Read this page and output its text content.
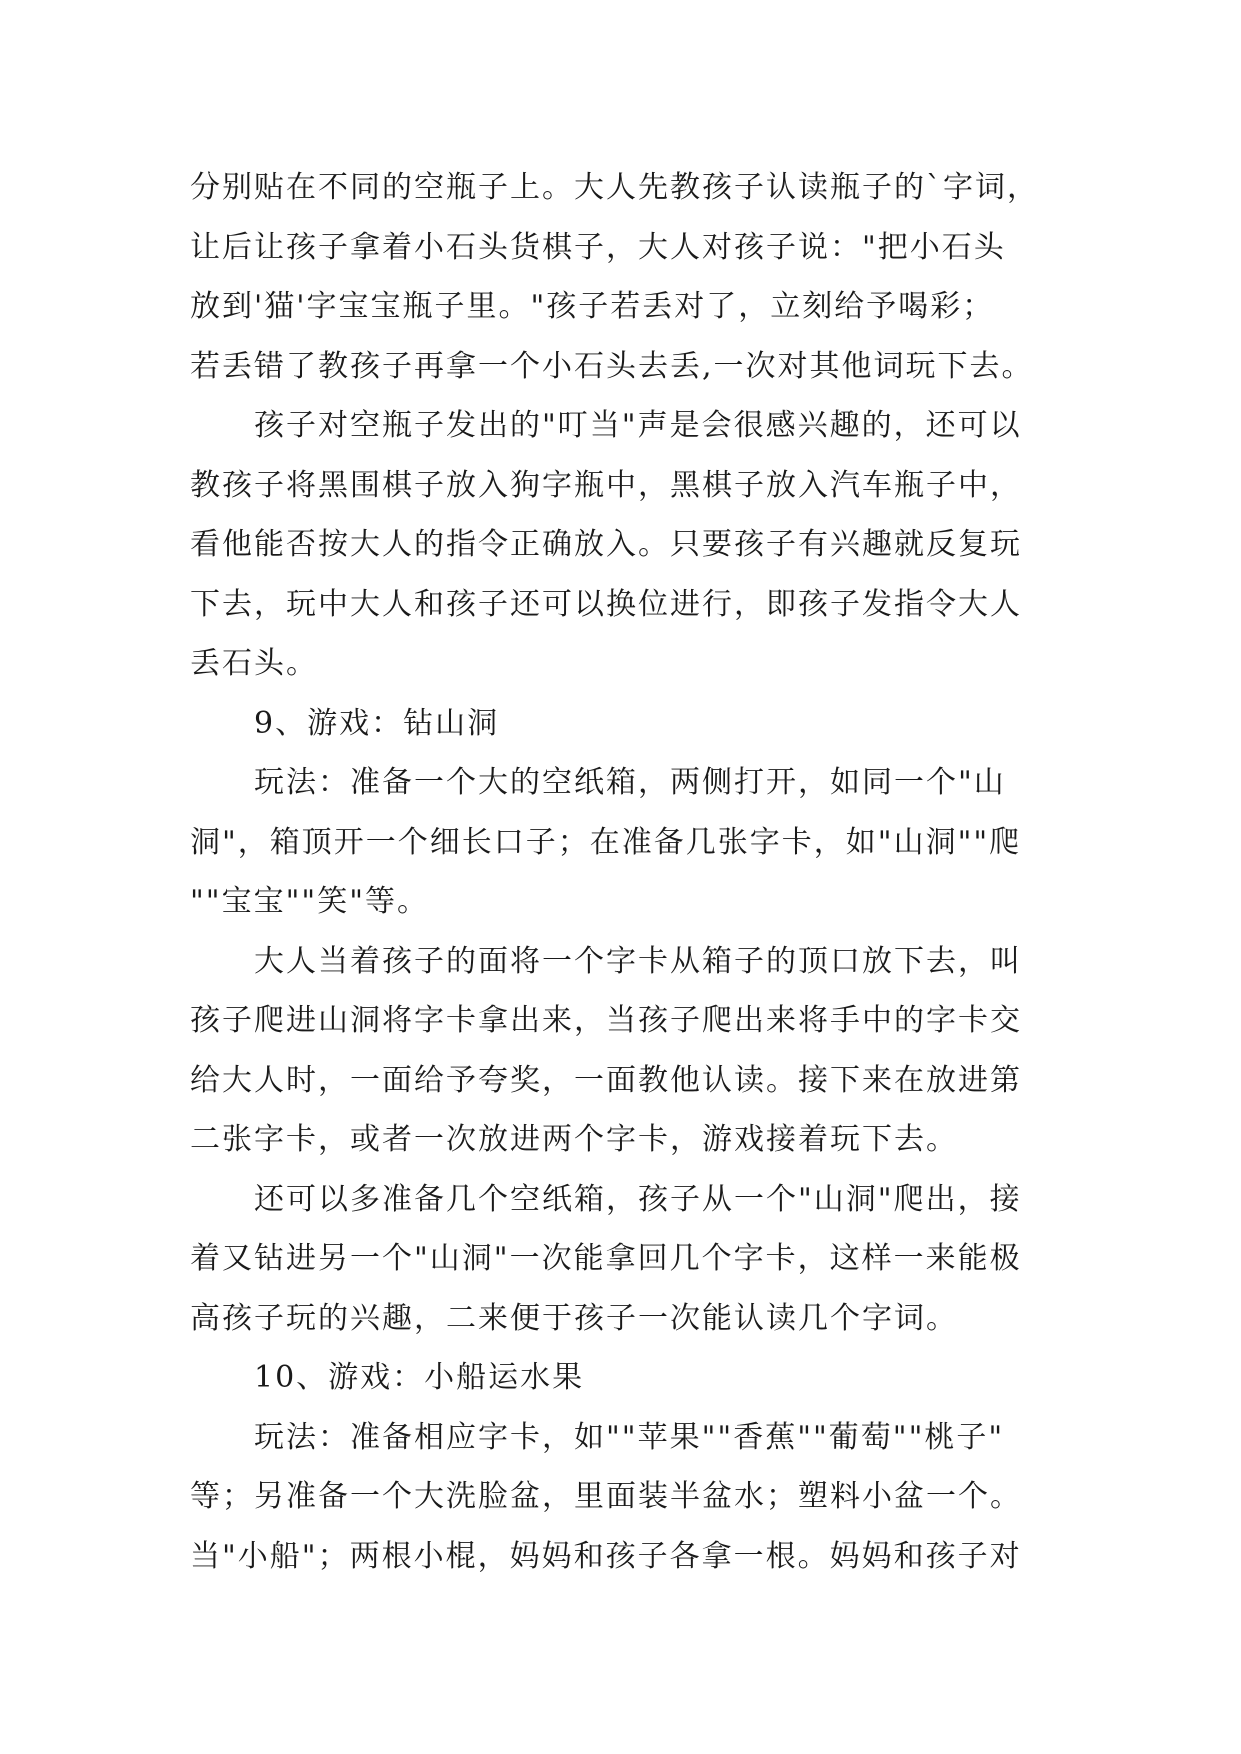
分别贴在不同的空瓶子上。大人先教孩子认读瓶子的`字词，
让后让孩子拿着小石头货棋子，大人对孩子说："把小石头
放到'猫'字宝宝瓶子里。"孩子若丢对了，立刻给予喝彩；
若丢错了教孩子再拿一个小石头去丢,一次对其他词玩下去。
孩子对空瓶子发出的"叮当"声是会很感兴趣的，还可以
教孩子将黑围棋子放入狗字瓶中，黑棋子放入汽车瓶子中，
看他能否按大人的指令正确放入。只要孩子有兴趣就反复玩
下去，玩中大人和孩子还可以换位进行，即孩子发指令大人
丢石头。
9、游戏：钻山洞
玩法：准备一个大的空纸箱，两侧打开，如同一个"山
洞"，箱顶开一个细长口子；在准备几张字卡，如"山洞""爬
""宝宝""笑"等。
大人当着孩子的面将一个字卡从箱子的顶口放下去，叫
孩子爬进山洞将字卡拿出来，当孩子爬出来将手中的字卡交
给大人时，一面给予夸奖，一面教他认读。接下来在放进第
二张字卡，或者一次放进两个字卡，游戏接着玩下去。
还可以多准备几个空纸箱，孩子从一个"山洞"爬出，接
着又钻进另一个"山洞"一次能拿回几个字卡，这样一来能极
高孩子玩的兴趣，二来便于孩子一次能认读几个字词。
10、游戏：小船运水果
玩法：准备相应字卡，如""苹果""香蕉""葡萄""桃子"
等；另准备一个大洗脸盆，里面装半盆水；塑料小盆一个。
当"小船"；两根小棍，妈妈和孩子各拿一根。妈妈和孩子对
